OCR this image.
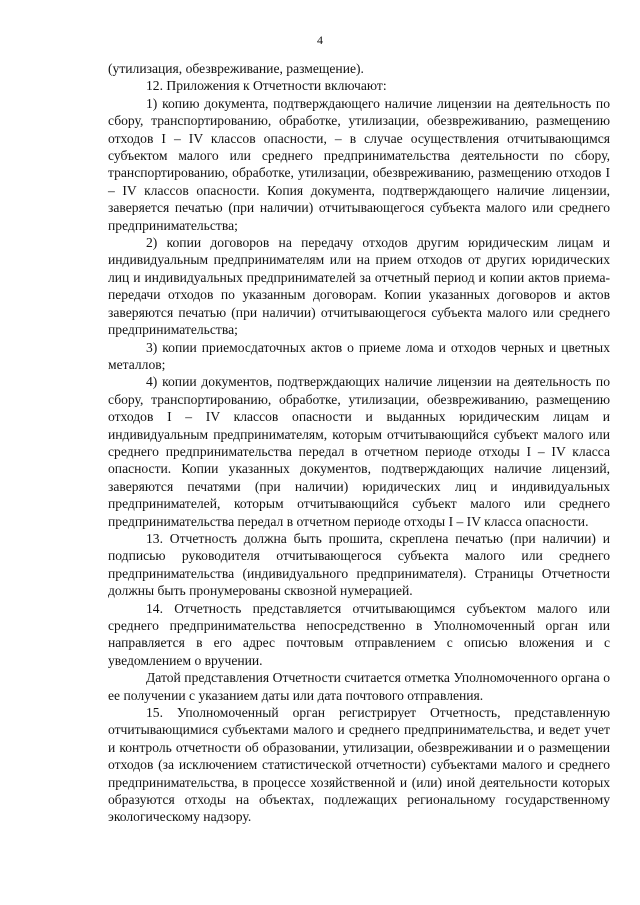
4

(утилизация, обезвреживание, размещение).

12. Приложения к Отчетности включают:

1) копию документа, подтверждающего наличие лицензии на деятельность по сбору, транспортированию, обработке, утилизации, обезвреживанию, размещению отходов I – IV классов опасности, – в случае осуществления отчитывающимся субъектом малого или среднего предпринимательства деятельности по сбору, транспортированию, обработке, утилизации, обезвреживанию, размещению отходов I – IV классов опасности. Копия документа, подтверждающего наличие лицензии, заверяется печатью (при наличии) отчитывающегося субъекта малого или среднего предпринимательства;

2) копии договоров на передачу отходов другим юридическим лицам и индивидуальным предпринимателям или на прием отходов от других юридических лиц и индивидуальных предпринимателей за отчетный период и копии актов приема-передачи отходов по указанным договорам. Копии указанных договоров и актов заверяются печатью (при наличии) отчитывающегося субъекта малого или среднего предпринимательства;

3) копии приемосдаточных актов о приеме лома и отходов черных и цветных металлов;

4) копии документов, подтверждающих наличие лицензии на деятельность по сбору, транспортированию, обработке, утилизации, обезвреживанию, размещению отходов I – IV классов опасности и выданных юридическим лицам и индивидуальным предпринимателям, которым отчитывающийся субъект малого или среднего предпринимательства передал в отчетном периоде отходы I – IV класса опасности. Копии указанных документов, подтверждающих наличие лицензий, заверяются печатями (при наличии) юридических лиц и индивидуальных предпринимателей, которым отчитывающийся субъект малого или среднего предпринимательства передал в отчетном периоде отходы I – IV класса опасности.

13. Отчетность должна быть прошита, скреплена печатью (при наличии) и подписью руководителя отчитывающегося субъекта малого или среднего предпринимательства (индивидуального предпринимателя). Страницы Отчетности должны быть пронумерованы сквозной нумерацией.

14. Отчетность представляется отчитывающимся субъектом малого или среднего предпринимательства непосредственно в Уполномоченный орган или направляется в его адрес почтовым отправлением с описью вложения и с уведомлением о вручении.

Датой представления Отчетности считается отметка Уполномоченного органа о ее получении с указанием даты или дата почтового отправления.

15. Уполномоченный орган регистрирует Отчетность, представленную отчитывающимися субъектами малого и среднего предпринимательства, и ведет учет и контроль отчетности об образовании, утилизации, обезвреживании и о размещении отходов (за исключением статистической отчетности) субъектами малого и среднего предпринимательства, в процессе хозяйственной и (или) иной деятельности которых образуются отходы на объектах, подлежащих региональному государственному экологическому надзору.
